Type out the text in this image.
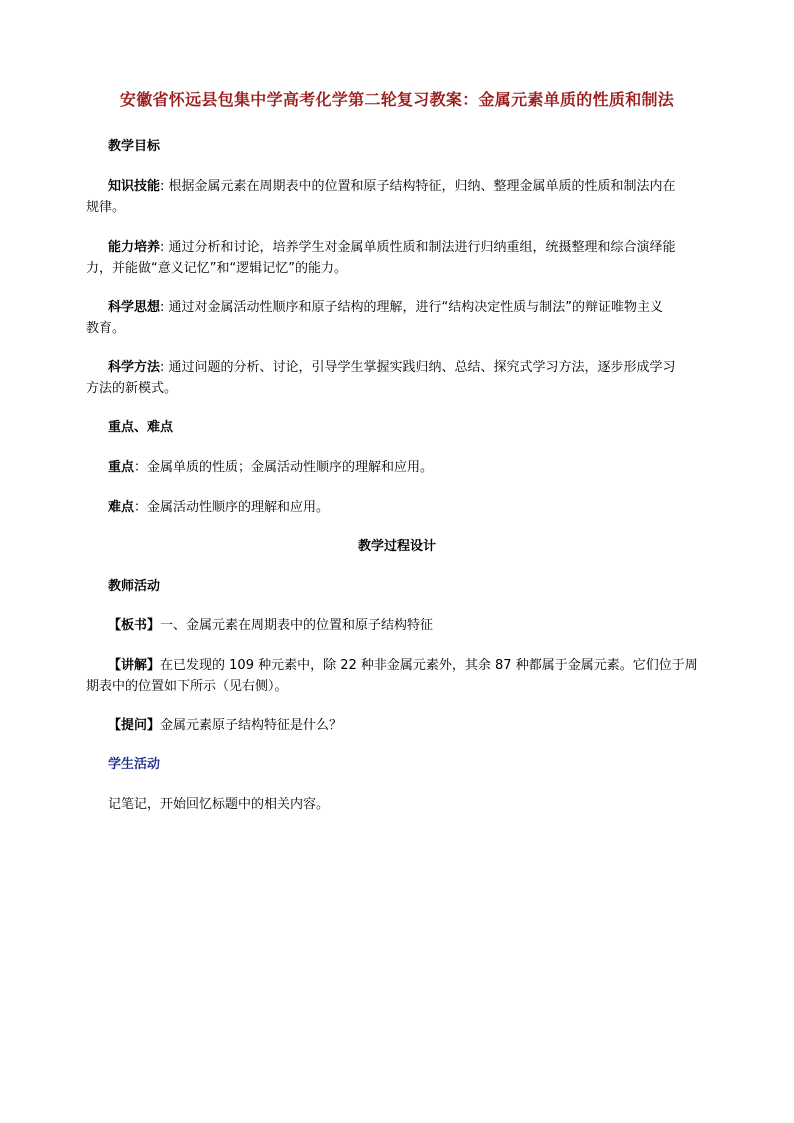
安徽省怀远县包集中学高考化学第二轮复习教案：金属元素单质的性质和制法
教学目标
知识技能: 根据金属元素在周期表中的位置和原子结构特征，归纳、整理金属单质的性质和制法内在
规律。
能力培养: 通过分析和讨论，培养学生对金属单质性质和制法进行归纳重组，统摄整理和综合演绎能
力，并能做“意义记忆”和“逻辑记忆”的能力。
科学思想: 通过对金属活动性顺序和原子结构的理解，进行“结构决定性质与制法”的辩证唯物主义
教育。
科学方法: 通过问题的分析、讨论，引导学生掌握实践归纳、总结、探究式学习方法，逐步形成学习
方法的新模式。
重点、难点
重点：金属单质的性质；金属活动性顺序的理解和应用。
难点：金属活动性顺序的理解和应用。
教学过程设计
教师活动
【板书】一、金属元素在周期表中的位置和原子结构特征
【讲解】在已发现的 109 种元素中，除 22 种非金属元素外，其余 87 种都属于金属元素。它们位于周
期表中的位置如下所示（见右侧）。
【提问】金属元素原子结构特征是什么？
学生活动
记笔记，开始回忆标题中的相关内容。
